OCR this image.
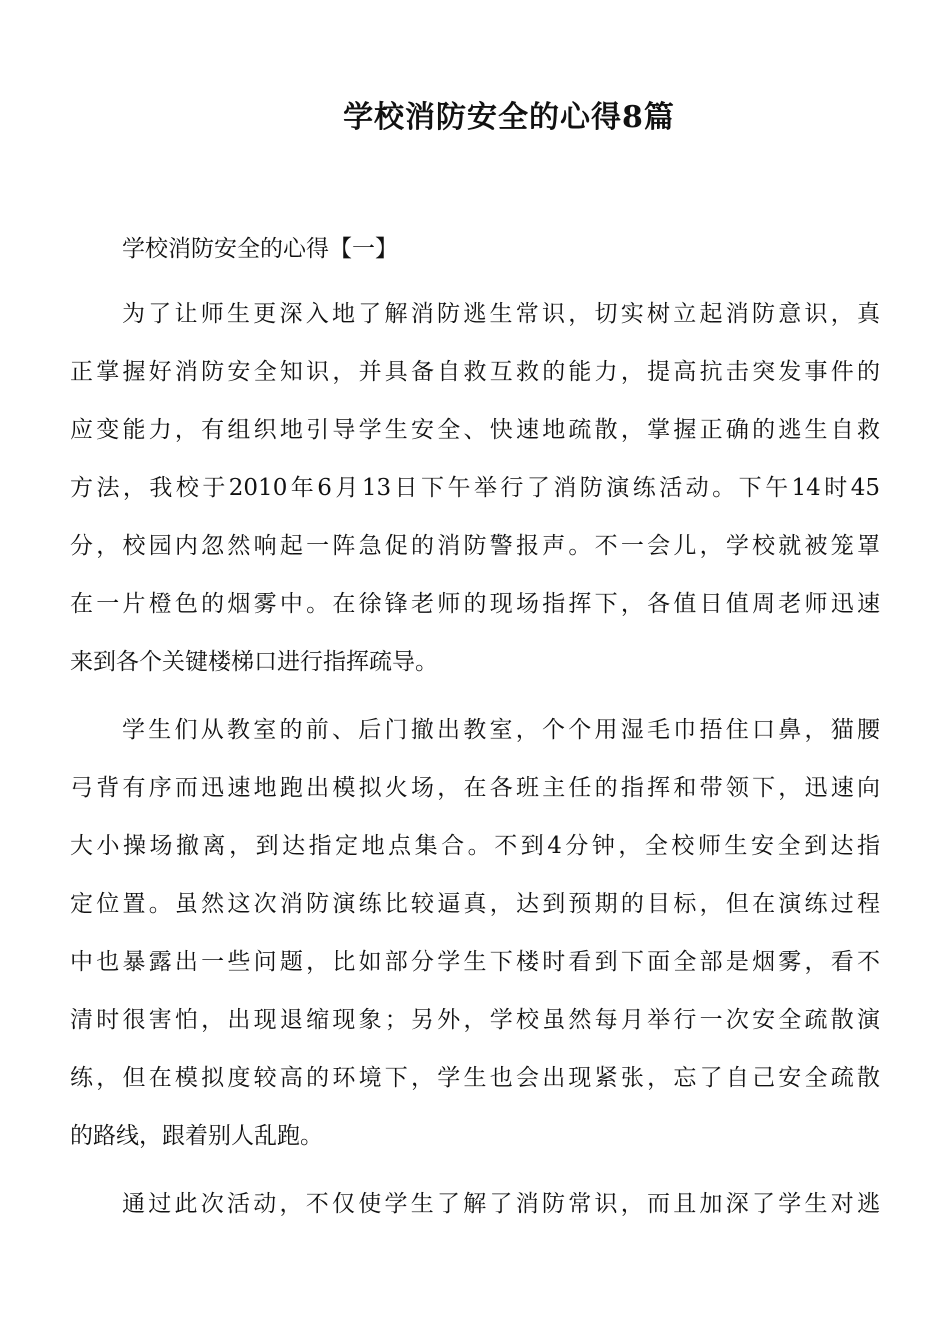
学校消防安全的心得8篇

学校消防安全的心得【一】

为了让师生更深入地了解消防逃生常识，切实树立起消防意识，真
正掌握好消防安全知识，并具备自救互救的能力，提高抗击突发事件的
应变能力，有组织地引导学生安全、快速地疏散，掌握正确的逃生自救
方法，我校于2010年6月13日下午举行了消防演练活动。下午14时45
分，校园内忽然响起一阵急促的消防警报声。不一会儿，学校就被笼罩
在一片橙色的烟雾中。在徐锋老师的现场指挥下，各值日值周老师迅速
来到各个关键楼梯口进行指挥疏导。
学生们从教室的前、后门撤出教室，个个用湿毛巾捂住口鼻，猫腰
弓背有序而迅速地跑出模拟火场，在各班主任的指挥和带领下，迅速向
大小操场撤离，到达指定地点集合。不到4分钟，全校师生安全到达指
定位置。虽然这次消防演练比较逼真，达到预期的目标，但在演练过程
中也暴露出一些问题，比如部分学生下楼时看到下面全部是烟雾，看不
清时很害怕，出现退缩现象；另外，学校虽然每月举行一次安全疏散演
练，但在模拟度较高的环境下，学生也会出现紧张，忘了自己安全疏散
的路线，跟着别人乱跑。
通过此次活动，不仅使学生了解了消防常识，而且加深了学生对逃
